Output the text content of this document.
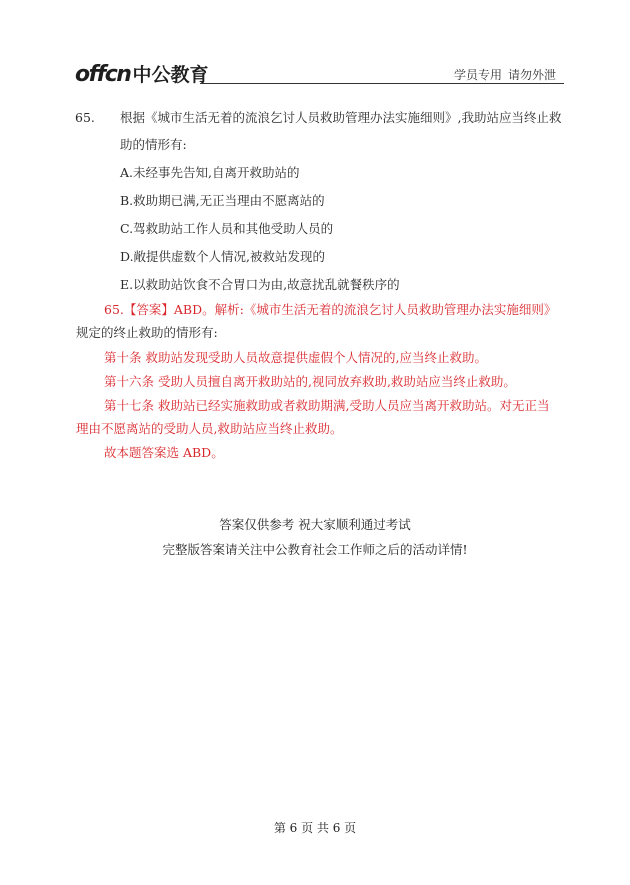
offcn 中公教育	学员专用 请勿外泄
65. 根据《城市生活无着的流浪乞讨人员救助管理办法实施细则》,我助站应当终止救
助的情形有:
A.未经事先告知,自离开救助站的
B.救助期已满,无正当理由不愿离站的
C.驾救助站工作人员和其他受助人员的
D.敞提供虚数个人情况,被救站发现的
E.以救助站饮食不合胃口为由,故意扰乱就餐秩序的
65.【答案】ABD。解析:《城市生活无着的流浪乞讨人员救助管理办法实施细则》
规定的终止救助的情形有:
第十条 救助站发现受助人员故意提供虚假个人情况的,应当终止救助。
第十六条 受助人员擅自离开救助站的,视同放弃救助,救助站应当终止救助。
第十七条 救助站已经实施救助或者救助期满,受助人员应当离开救助站。对无正当
理由不愿离站的受助人员,救助站应当终止救助。
故本题答案选 ABD。
答案仅供参考 祝大家顺利通过考试
完整版答案请关注中公教育社会工作师之后的活动详情!
第 6 页 共 6 页
